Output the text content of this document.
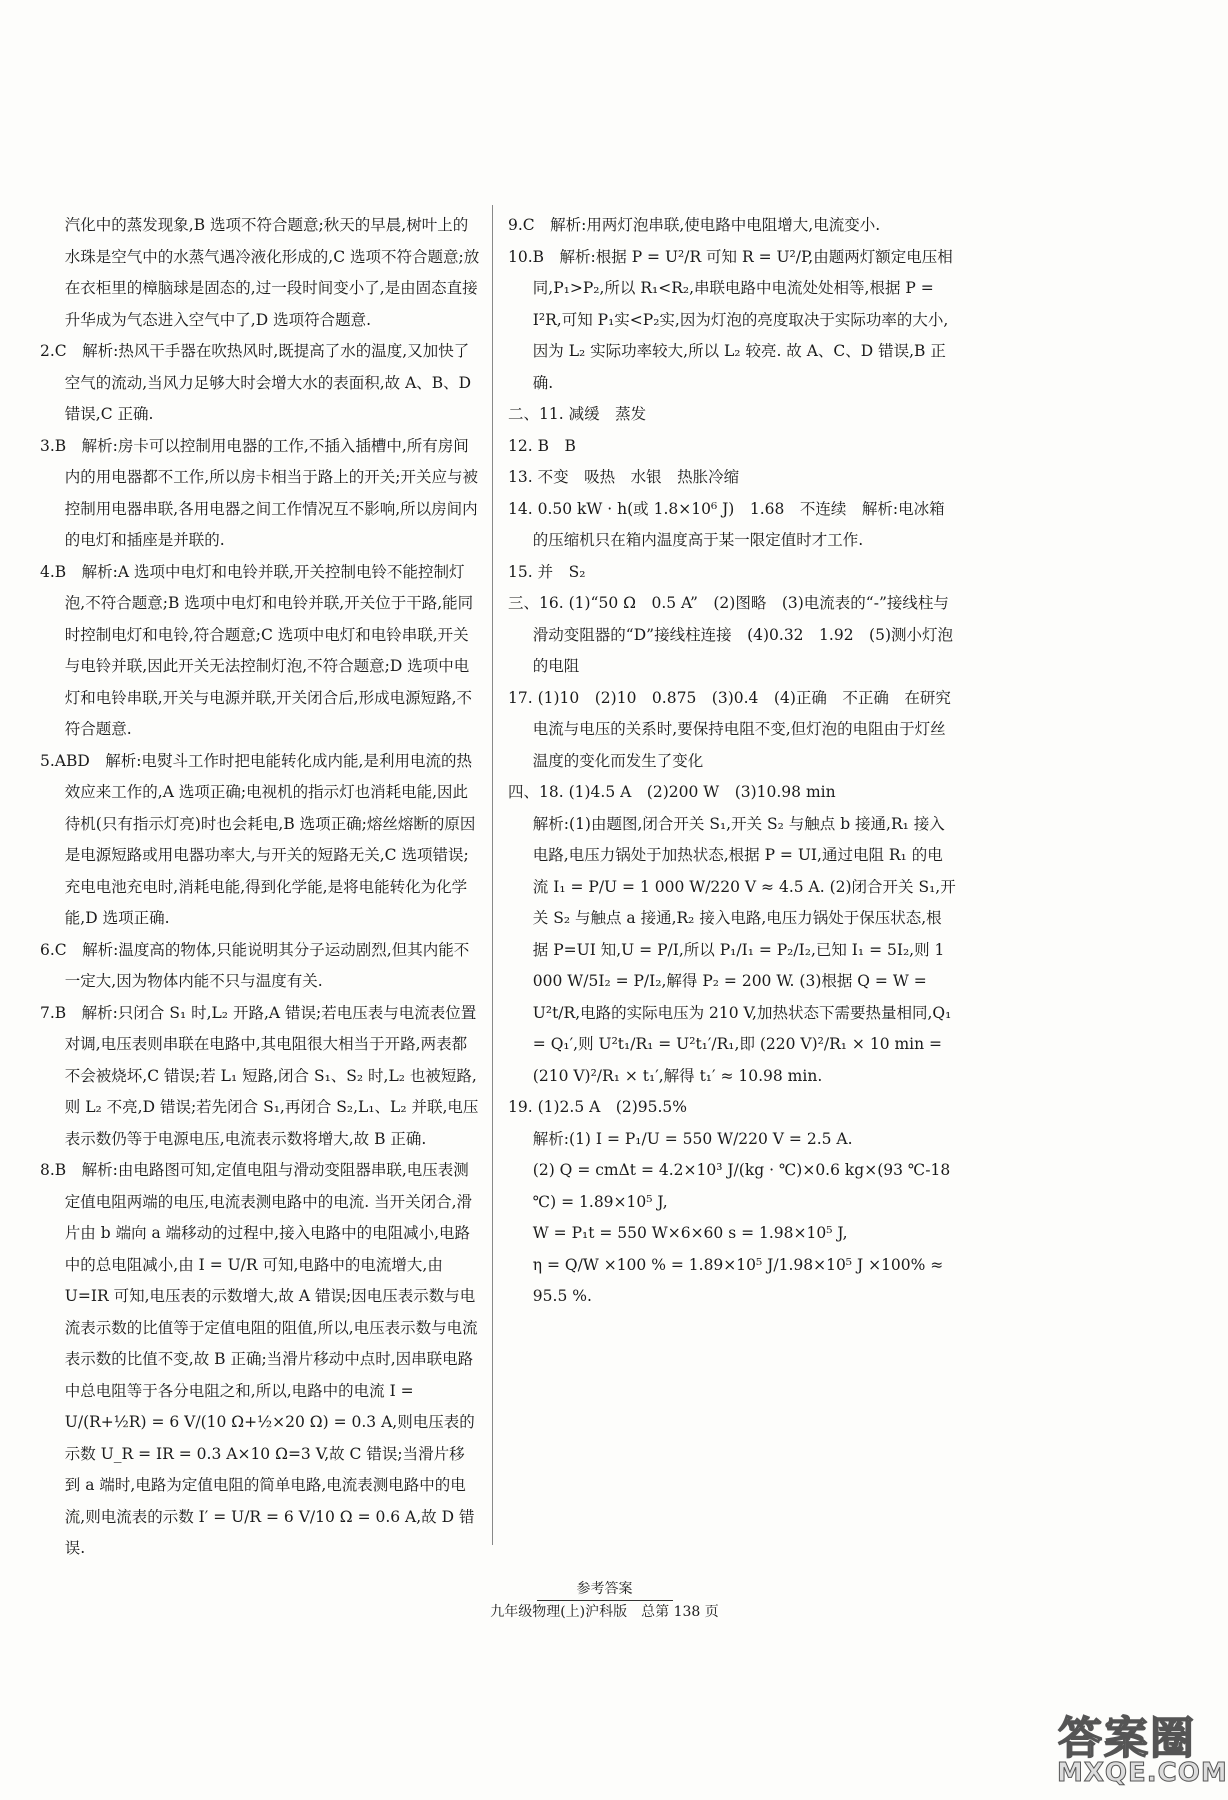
汽化中的蒸发现象,B 选项不符合题意;秋天的早晨,树叶上的水珠是空气中的水蒸气遇冷液化形成的,C 选项不符合题意;放在衣柜里的樟脑球是固态的,过一段时间变小了,是由固态直接升华成为气态进入空气中了,D 选项符合题意.
2.C　解析:热风干手器在吹热风时,既提高了水的温度,又加快了空气的流动,当风力足够大时会增大水的表面积,故 A、B、D 错误,C 正确.
3.B　解析:房卡可以控制用电器的工作,不插入插槽中,所有房间内的用电器都不工作,所以房卡相当于路上的开关;开关应与被控制用电器串联,各用电器之间工作情况互不影响,所以房间内的电灯和插座是并联的.
4.B　解析:A 选项中电灯和电铃并联,开关控制电铃不能控制灯泡,不符合题意;B 选项中电灯和电铃并联,开关位于干路,能同时控制电灯和电铃,符合题意;C 选项中电灯和电铃串联,开关与电铃并联,因此开关无法控制灯泡,不符合题意;D 选项中电灯和电铃串联,开关与电源并联,开关闭合后,形成电源短路,不符合题意.
5.ABD　解析:电熨斗工作时把电能转化成内能,是利用电流的热效应来工作的,A 选项正确;电视机的指示灯也消耗电能,因此待机(只有指示灯亮)时也会耗电,B 选项正确;熔丝熔断的原因是电源短路或用电器功率大,与开关的短路无关,C 选项错误;充电电池充电时,消耗电能,得到化学能,是将电能转化为化学能,D 选项正确.
6.C　解析:温度高的物体,只能说明其分子运动剧烈,但其内能不一定大,因为物体内能不只与温度有关.
7.B　解析:只闭合 S₁ 时,L₂ 开路,A 错误;若电压表与电流表位置对调,电压表则串联在电路中,其电阻很大相当于开路,两表都不会被烧坏,C 错误;若 L₁ 短路,闭合 S₁、S₂ 时,L₂ 也被短路,则 L₂ 不亮,D 错误;若先闭合 S₁,再闭合 S₂,L₁、L₂ 并联,电压表示数仍等于电源电压,电流表示数将增大,故 B 正确.
8.B　解析:由电路图可知,定值电阻与滑动变阻器串联,电压表测定值电阻两端的电压,电流表测电路中的电流. 当开关闭合,滑片由 b 端向 a 端移动的过程中,接入电路中的电阻减小,电路中的总电阻减小,由 I = U/R 可知,电路中的电流增大,由 U=IR 可知,电压表的示数增大,故 A 错误;因电压表示数与电流表示数的比值等于定值电阻的阻值,所以,电压表示数与电流表示数的比值不变,故 B 正确;当滑片移动中点时,因串联电路中总电阻等于各分电阻之和,所以,电路中的电流 I = U/(R+½R) = 6 V/(10 Ω+½×20 Ω) = 0.3 A,则电压表的示数 U_R = IR = 0.3 A×10 Ω=3 V,故 C 错误;当滑片移到 a 端时,电路为定值电阻的简单电路,电流表测电路中的电流,则电流表的示数 I′ = U/R = 6 V/10 Ω = 0.6 A,故 D 错误.
9.C　解析:用两灯泡串联,使电路中电阻增大,电流变小.
10.B　解析:根据 P = U²/R 可知 R = U²/P,由题两灯额定电压相同,P₁>P₂,所以 R₁<R₂,串联电路中电流处处相等,根据 P = I²R,可知 P₁实<P₂实,因为灯泡的亮度取决于实际功率的大小,因为 L₂ 实际功率较大,所以 L₂ 较亮. 故 A、C、D 错误,B 正确.
二、11. 减缓　蒸发
12. B　B
13. 不变　吸热　水银　热胀冷缩
14. 0.50 kW · h(或 1.8×10⁶ J)　1.68　不连续　解析:电冰箱的压缩机只在箱内温度高于某一限定值时才工作.
15. 并　S₂
三、16. (1)“50 Ω　0.5 A”　(2)图略　(3)电流表的“-”接线柱与滑动变阻器的“D”接线柱连接　(4)0.32　1.92　(5)测小灯泡的电阻
17. (1)10　(2)10　0.875　(3)0.4　(4)正确　不正确　在研究电流与电压的关系时,要保持电阻不变,但灯泡的电阻由于灯丝温度的变化而发生了变化
四、18. (1)4.5 A　(2)200 W　(3)10.98 min
解析:(1)由题图,闭合开关 S₁,开关 S₂ 与触点 b 接通,R₁ 接入电路,电压力锅处于加热状态,根据 P = UI,通过电阻 R₁ 的电流 I₁ = P/U = 1 000 W/220 V ≈ 4.5 A. (2)闭合开关 S₁,开关 S₂ 与触点 a 接通,R₂ 接入电路,电压力锅处于保压状态,根据 P=UI 知,U = P/I,所以 P₁/I₁ = P₂/I₂,已知 I₁ = 5I₂,则 1 000 W/5I₂ = P/I₂,解得 P₂ = 200 W. (3)根据 Q = W = U²t/R,电路的实际电压为 210 V,加热状态下需要热量相同,Q₁ = Q₁′,则 U²t₁/R₁ = U²t₁′/R₁,即 (220 V)²/R₁ × 10 min = (210 V)²/R₁ × t₁′,解得 t₁′ ≈ 10.98 min.
19. (1)2.5 A　(2)95.5%
解析:(1) I = P₁/U = 550 W/220 V = 2.5 A.
(2) Q = cmΔt = 4.2×10³ J/(kg · ℃)×0.6 kg×(93 ℃-18 ℃) = 1.89×10⁵ J,
W = P₁t = 550 W×6×60 s = 1.98×10⁵ J,
η = Q/W ×100 % = 1.89×10⁵ J/1.98×10⁵ J ×100% ≈ 95.5 %.
参考答案
九年级物理(上)沪科版　总第 138 页
答案圈
MXQE.COM
